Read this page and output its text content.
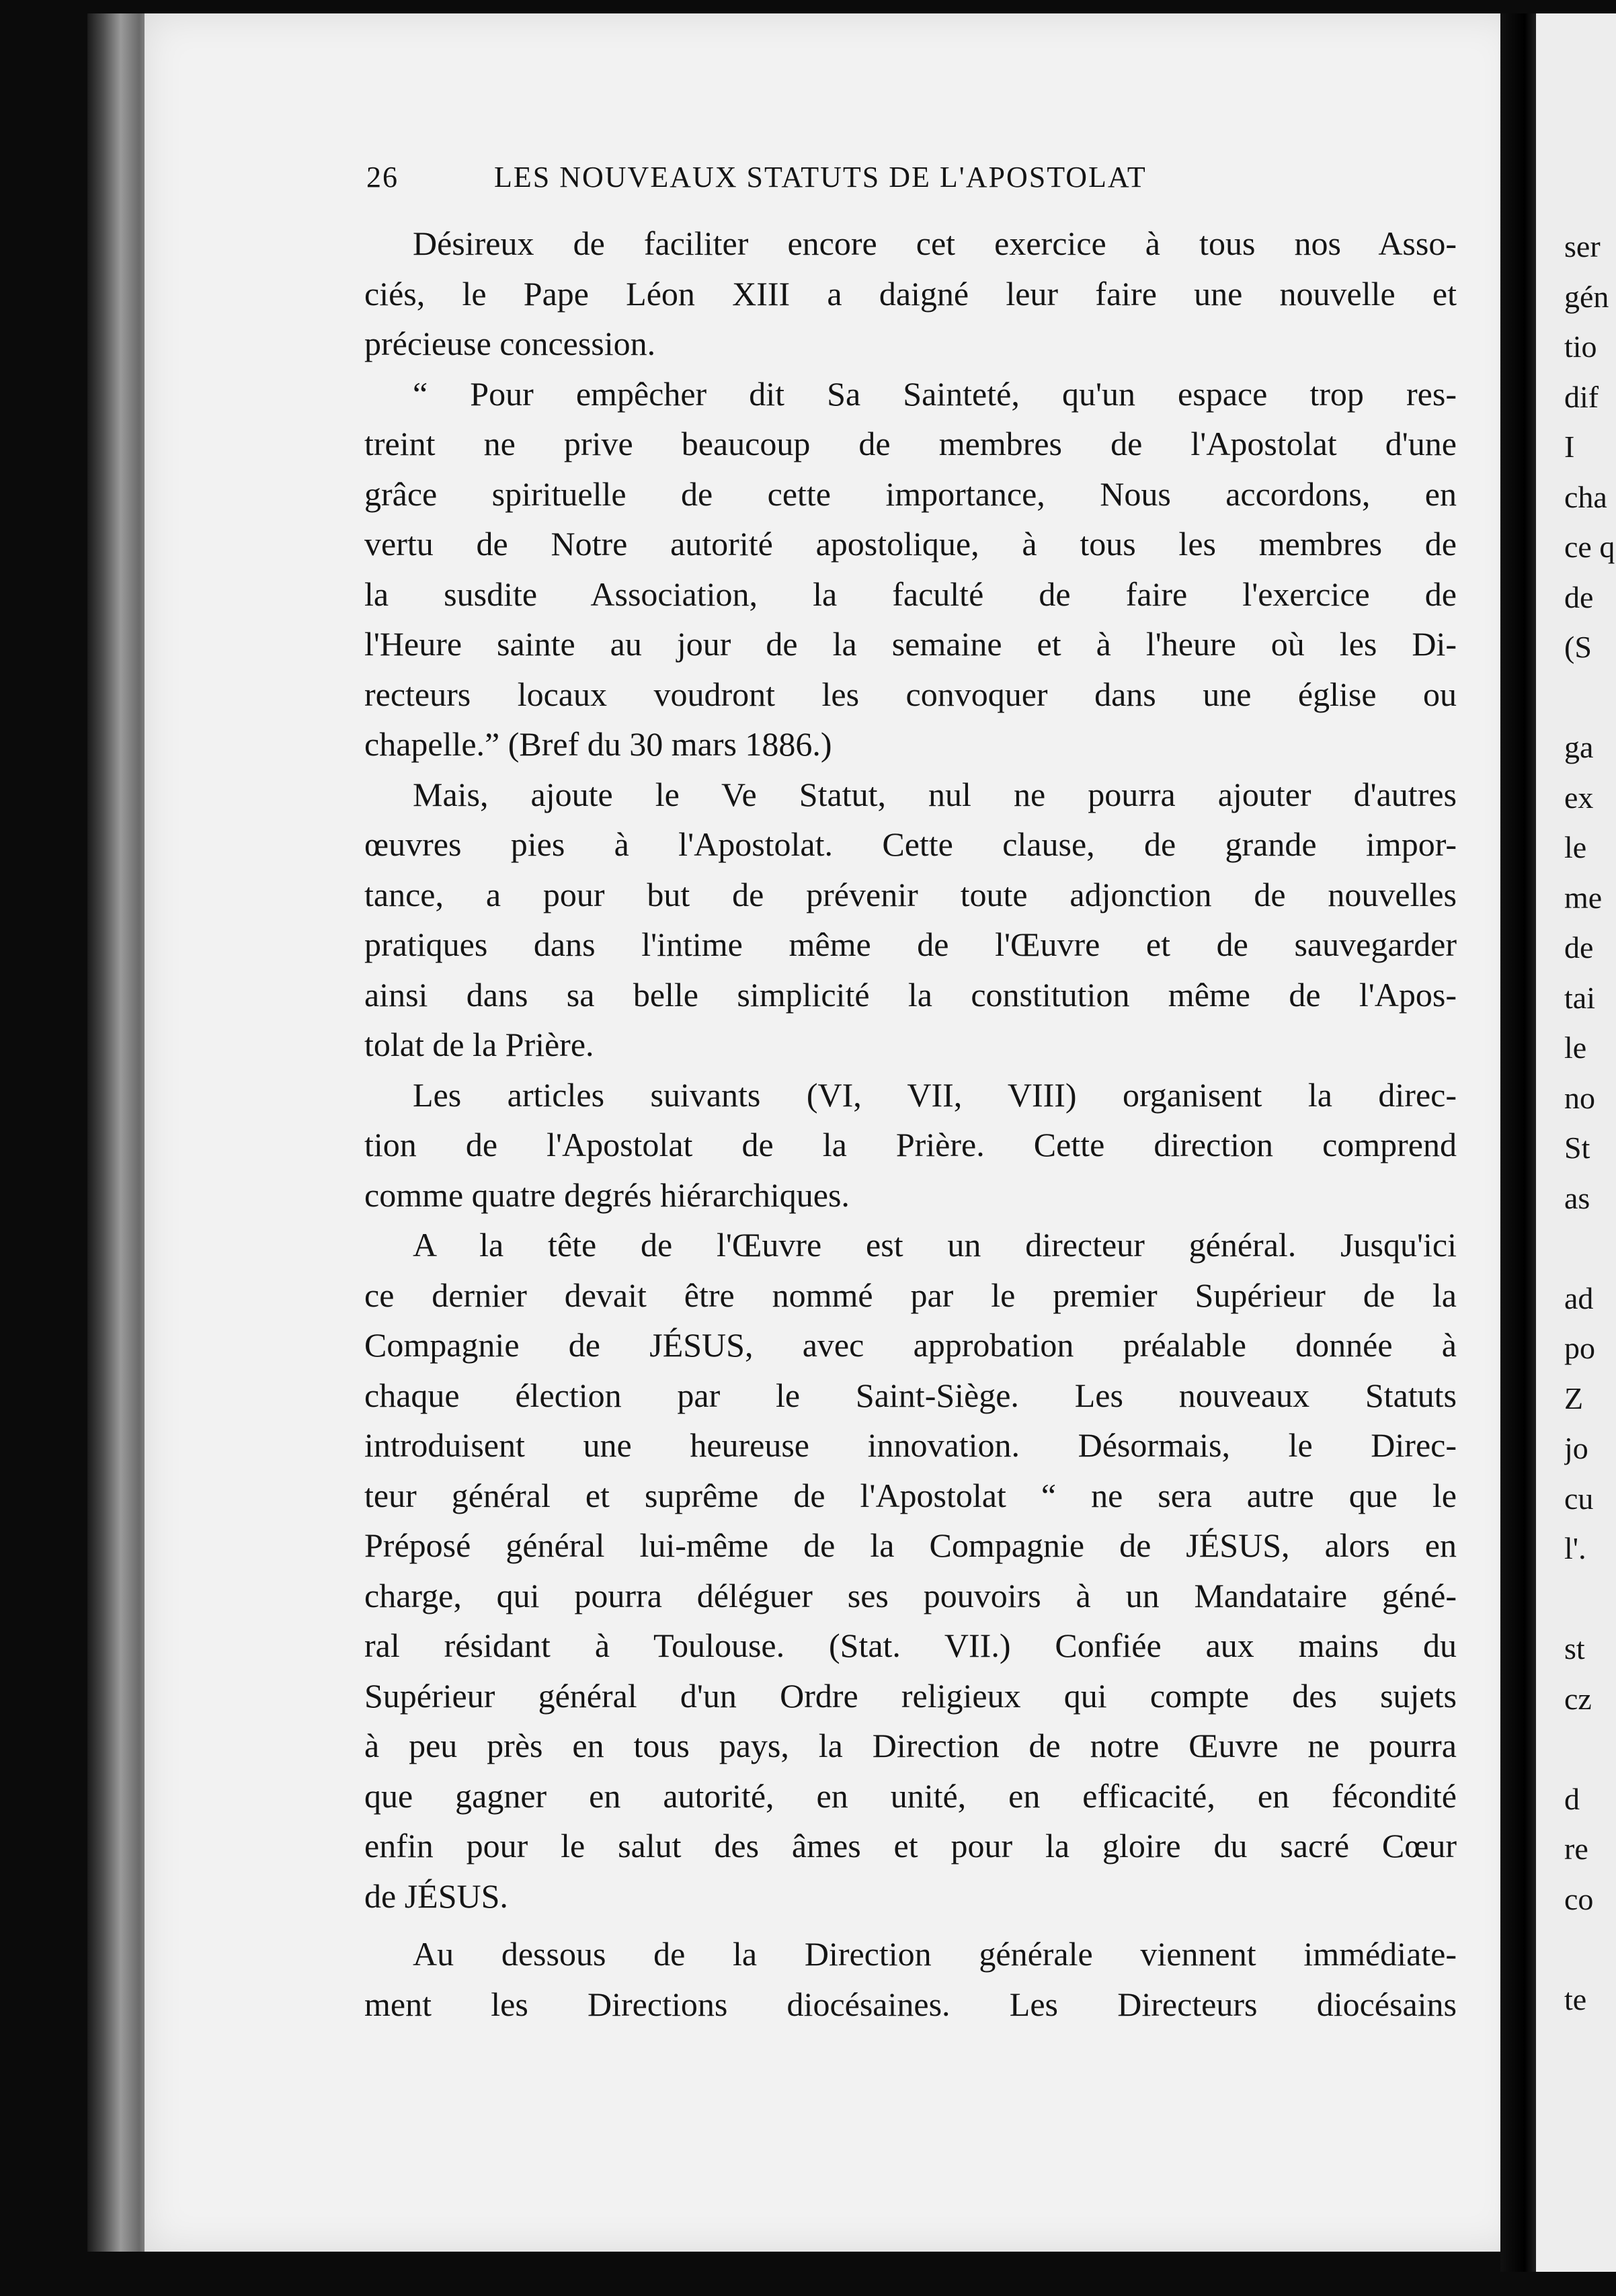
26	LES NOUVEAUX STATUTS DE L'APOSTOLAT
Désireux de faciliter encore cet exercice à tous nos Asso-
ciés, le Pape Léon XIII a daigné leur faire une nouvelle et
précieuse concession.
“ Pour empêcher dit Sa Sainteté, qu'un espace trop res-
treint ne prive beaucoup de membres de l'Apostolat d'une
grâce spirituelle de cette importance, Nous accordons, en
vertu de Notre autorité apostolique, à tous les membres de
la susdite Association, la faculté de faire l'exercice de
l'Heure sainte au jour de la semaine et à l'heure où les Di-
recteurs locaux voudront les convoquer dans une église ou
chapelle.” (Bref du 30 mars 1886.)
Mais, ajoute le Ve Statut, nul ne pourra ajouter d'autres
œuvres pies à l'Apostolat. Cette clause, de grande impor-
tance, a pour but de prévenir toute adjonction de nouvelles
pratiques dans l'intime même de l'Œuvre et de sauvegarder
ainsi dans sa belle simplicité la constitution même de l'Apos-
tolat de la Prière.
Les articles suivants (VI, VII, VIII) organisent la direc-
tion de l'Apostolat de la Prière. Cette direction comprend
comme quatre degrés hiérarchiques.
A la tête de l'Œuvre est un directeur général. Jusqu'ici
ce dernier devait être nommé par le premier Supérieur de la
Compagnie de JÉSUS, avec approbation préalable donnée à
chaque élection par le Saint-Siège. Les nouveaux Statuts
introduisent une heureuse innovation. Désormais, le Direc-
teur général et suprême de l'Apostolat “ ne sera autre que le
Préposé général lui-même de la Compagnie de JÉSUS, alors en
charge, qui pourra déléguer ses pouvoirs à un Mandataire géné-
ral résidant à Toulouse. (Stat. VII.) Confiée aux mains du
Supérieur général d'un Ordre religieux qui compte des sujets
à peu près en tous pays, la Direction de notre Œuvre ne pourra
que gagner en autorité, en unité, en efficacité, en fécondité
enfin pour le salut des âmes et pour la gloire du sacré Cœur
de JÉSUS.
Au dessous de la Direction générale viennent immédiate-
ment les Directions diocésaines. Les Directeurs diocésains
ser
gén
tio
dif
I
cha
ce q
de
(S
ga
ex
le
me
de
tai
le
no
St
as
ad
po
Z
jo
cu
l'.
st
cz
d
re
co
te
